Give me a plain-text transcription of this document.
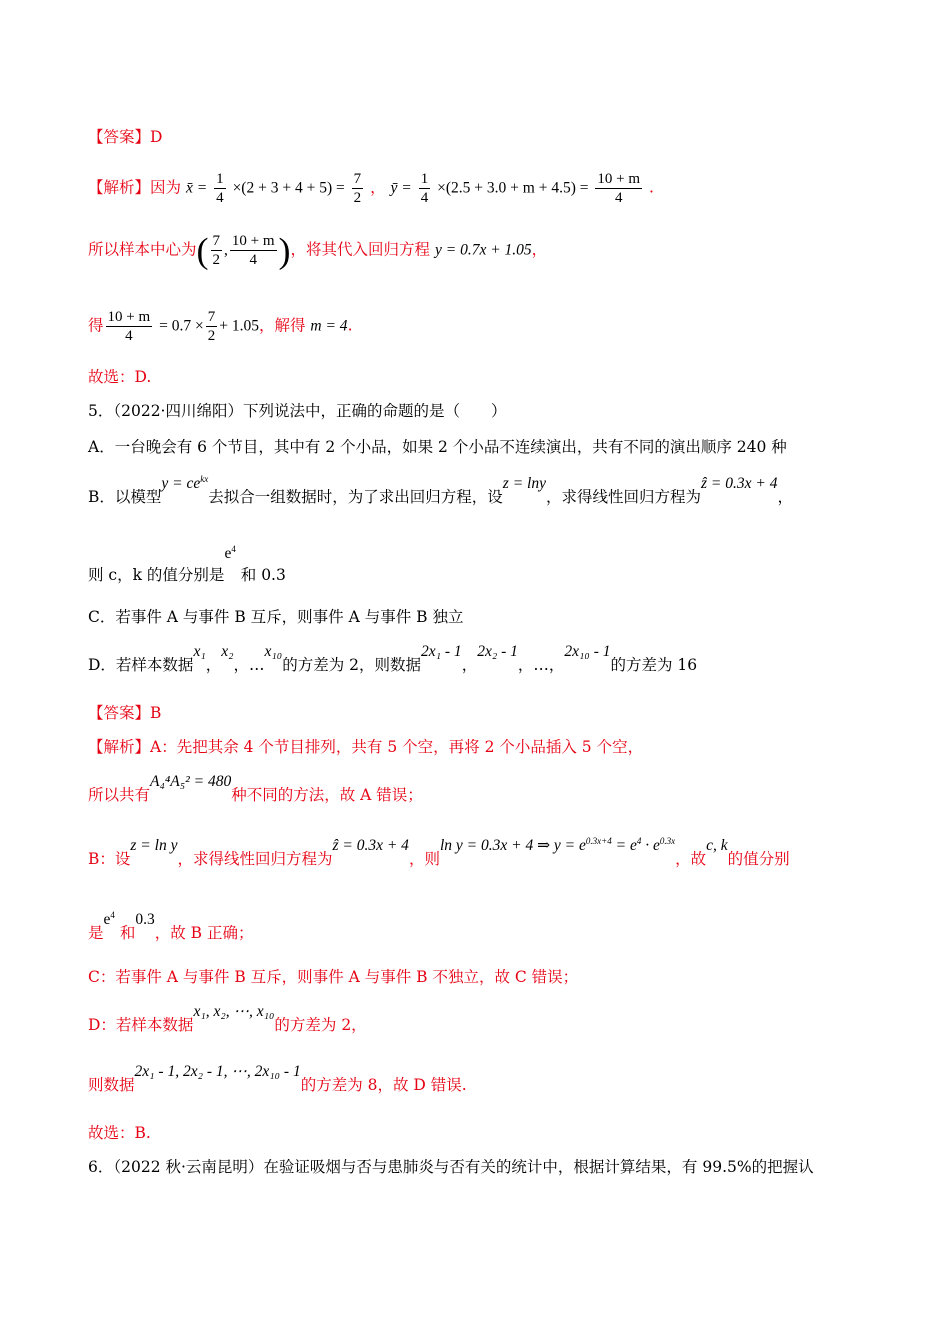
【答案】D
【解析】因为 x̄ = $\frac{1}{4} \times(2 + 3 + 4 + 5) = \frac{7}{2}$ ， ȳ = $\frac{1}{4} \times(2.5 + 3.0 + m + 4.5) = \frac{10 + m}{4}$ .
所以样本中心为( $\frac{7}{2}$ , $\frac{10 + m}{4}$ )，将其代入回归方程 y = 0.7x + 1.05，
得 $\frac{10 + m}{4} = 0.7 \times \frac{7}{2} + 1.05$，解得 m = 4.
故选：D.
5．（2022·四川绵阳）下列说法中，正确的命题的是（　　）
A．一台晚会有 6 个节目，其中有 2 个小品，如果 2 个小品不连续演出，共有不同的演出顺序 240 种
B．以模型$y = ce^{kx}$去拟合一组数据时，为了求出回归方程，设z = lny，求得线性回归方程为ẑ = 0.3x + 4，
则 c，k 的值分别是$e^4$ 和 0.3
C．若事件 A 与事件 B 互斥，则事件 A 与事件 B 独立
D．若样本数据x₁，x₂，…x₁₀的方差为 2，则数据2x₁ - 1，2x₂ - 1，…，2x₁₀ - 1的方差为 16
【答案】B
【解析】A：先把其余 4 个节目排列，共有 5 个空，再将 2 个小品插入 5 个空，
所以共有A₄⁴A₅² = 480种不同的方法，故 A 错误；
B：设z = ln y，求得线性回归方程为ẑ = 0.3x + 4，则ln y = 0.3x + 4 ⇒ $y = e^{0.3x+4} = e^4 \cdot e^{0.3x}$，故c, k的值分别
是$e^4$ 和0.3，故 B 正确；
C：若事件 A 与事件 B 互斥，则事件 A 与事件 B 不独立，故 C 错误；
D：若样本数据x₁, x₂, ⋯, x₁₀的方差为 2，
则数据2x₁ - 1, 2x₂ - 1, ⋯, 2x₁₀ - 1的方差为 8，故 D 错误.
故选：B.
6．（2022 秋·云南昆明）在验证吸烟与否与患肺炎与否有关的统计中，根据计算结果，有 99.5%的把握认
